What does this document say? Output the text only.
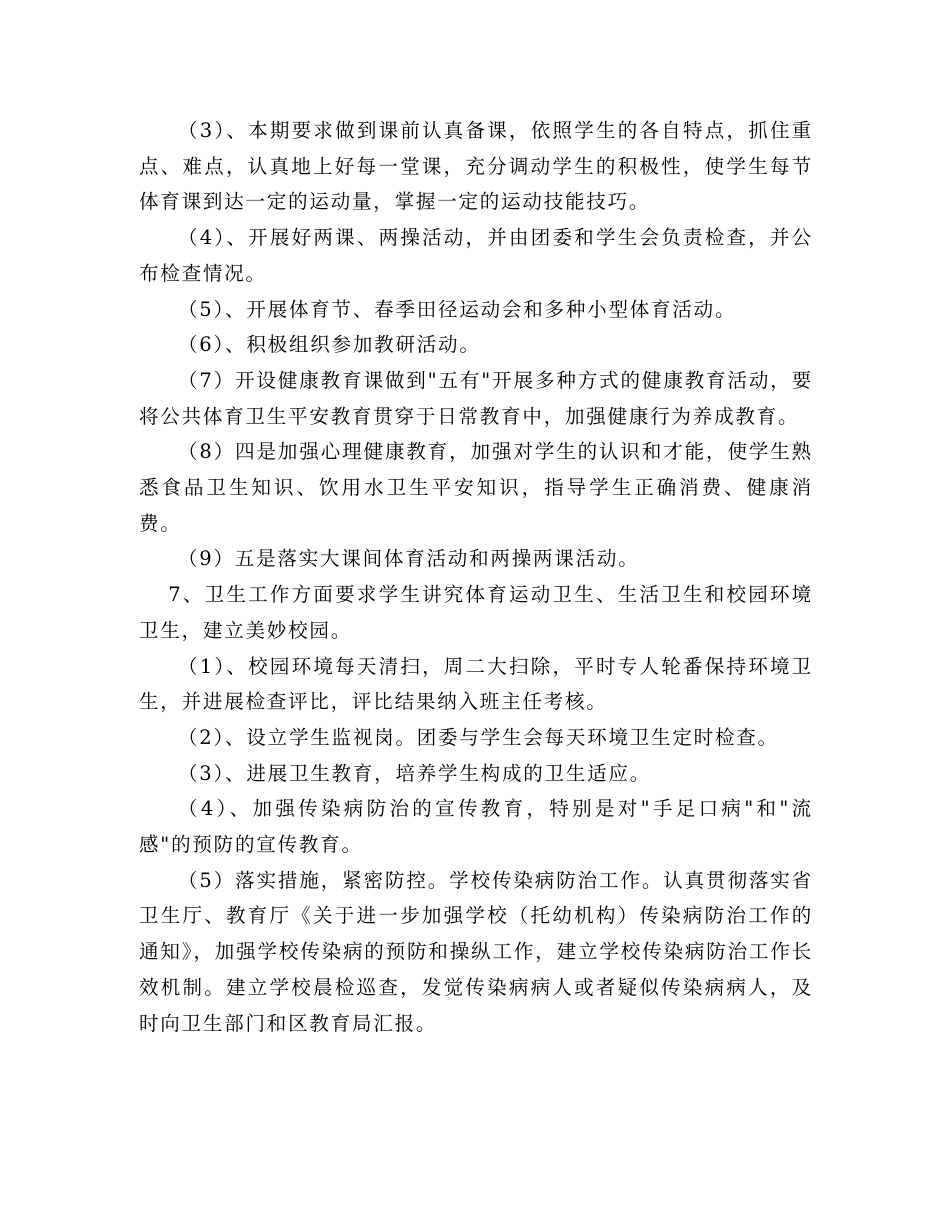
（3）、本期要求做到课前认真备课，依照学生的各自特点，抓住重点、难点，认真地上好每一堂课，充分调动学生的积极性，使学生每节体育课到达一定的运动量，掌握一定的运动技能技巧。

（4）、开展好两课、两操活动，并由团委和学生会负责检查，并公布检查情况。

（5）、开展体育节、春季田径运动会和多种小型体育活动。

（6）、积极组织参加教研活动。

（7）开设健康教育课做到"五有"开展多种方式的健康教育活动，要将公共体育卫生平安教育贯穿于日常教育中，加强健康行为养成教育。

（8）四是加强心理健康教育，加强对学生的认识和才能，使学生熟悉食品卫生知识、饮用水卫生平安知识，指导学生正确消费、健康消费。

（9）五是落实大课间体育活动和两操两课活动。

7、卫生工作方面要求学生讲究体育运动卫生、生活卫生和校园环境卫生，建立美妙校园。

（1）、校园环境每天清扫，周二大扫除，平时专人轮番保持环境卫生，并进展检查评比，评比结果纳入班主任考核。

（2）、设立学生监视岗。团委与学生会每天环境卫生定时检查。

（3）、进展卫生教育，培养学生构成的卫生适应。

（4）、加强传染病防治的宣传教育，特别是对"手足口病"和"流感"的预防的宣传教育。

（5）落实措施，紧密防控。学校传染病防治工作。认真贯彻落实省卫生厅、教育厅《关于进一步加强学校（托幼机构）传染病防治工作的通知》，加强学校传染病的预防和操纵工作，建立学校传染病防治工作长效机制。建立学校晨检巡查，发觉传染病病人或者疑似传染病病人，及时向卫生部门和区教育局汇报。
